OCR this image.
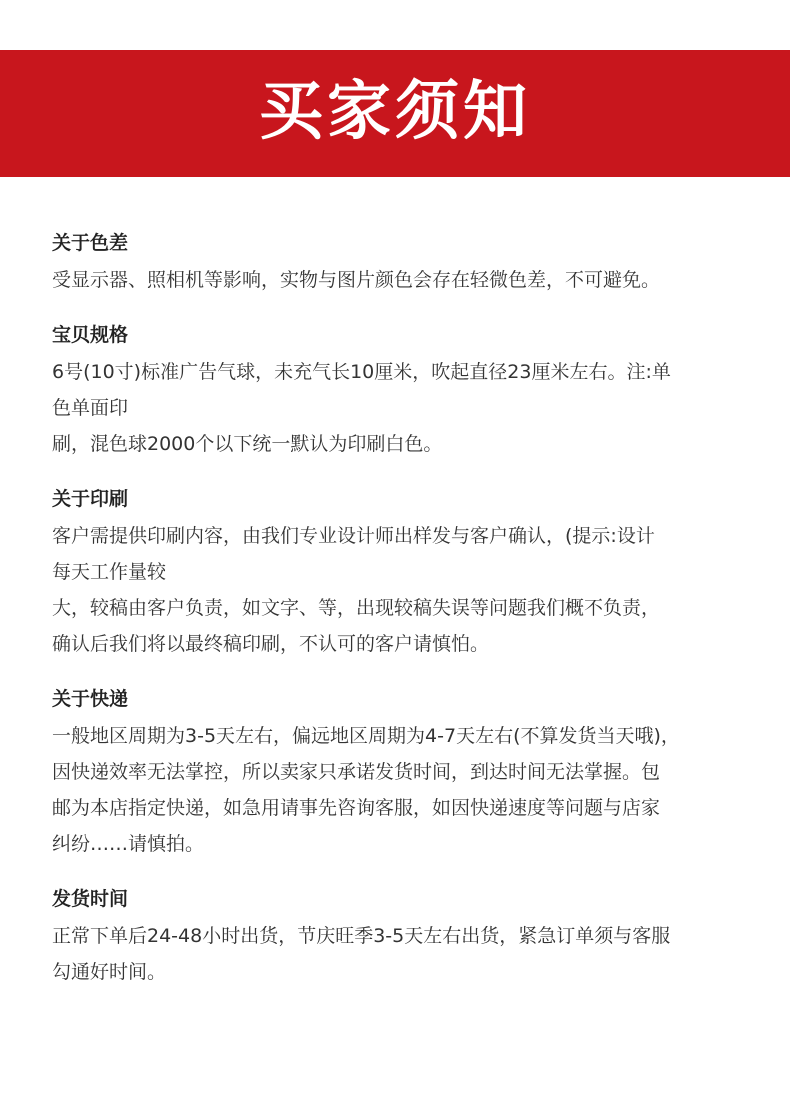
买家须知
关于色差
受显示器、照相机等影响，实物与图片颜色会存在轻微色差，不可避免。
宝贝规格
6号(10寸)标准广告气球，未充气长10厘米，吹起直径23厘米左右。注:单
色单面印
刷，混色球2000个以下统一默认为印刷白色。
关于印刷
客户需提供印刷内容，由我们专业设计师出样发与客户确认，(提示:设计
每天工作量较
大，较稿由客户负责，如文字、等，出现较稿失误等问题我们概不负责，
确认后我们将以最终稿印刷，不认可的客户请慎怕。
关于快递
一般地区周期为3-5天左右，偏远地区周期为4-7天左右(不算发货当天哦)，
因快递效率无法掌控，所以卖家只承诺发货时间，到达时间无法掌握。包
邮为本店指定快递，如急用请事先咨询客服，如因快递速度等问题与店家
纠纷……请慎拍。
发货时间
正常下单后24-48小时出货，节庆旺季3-5天左右出货，紧急订单须与客服
勾通好时间。
